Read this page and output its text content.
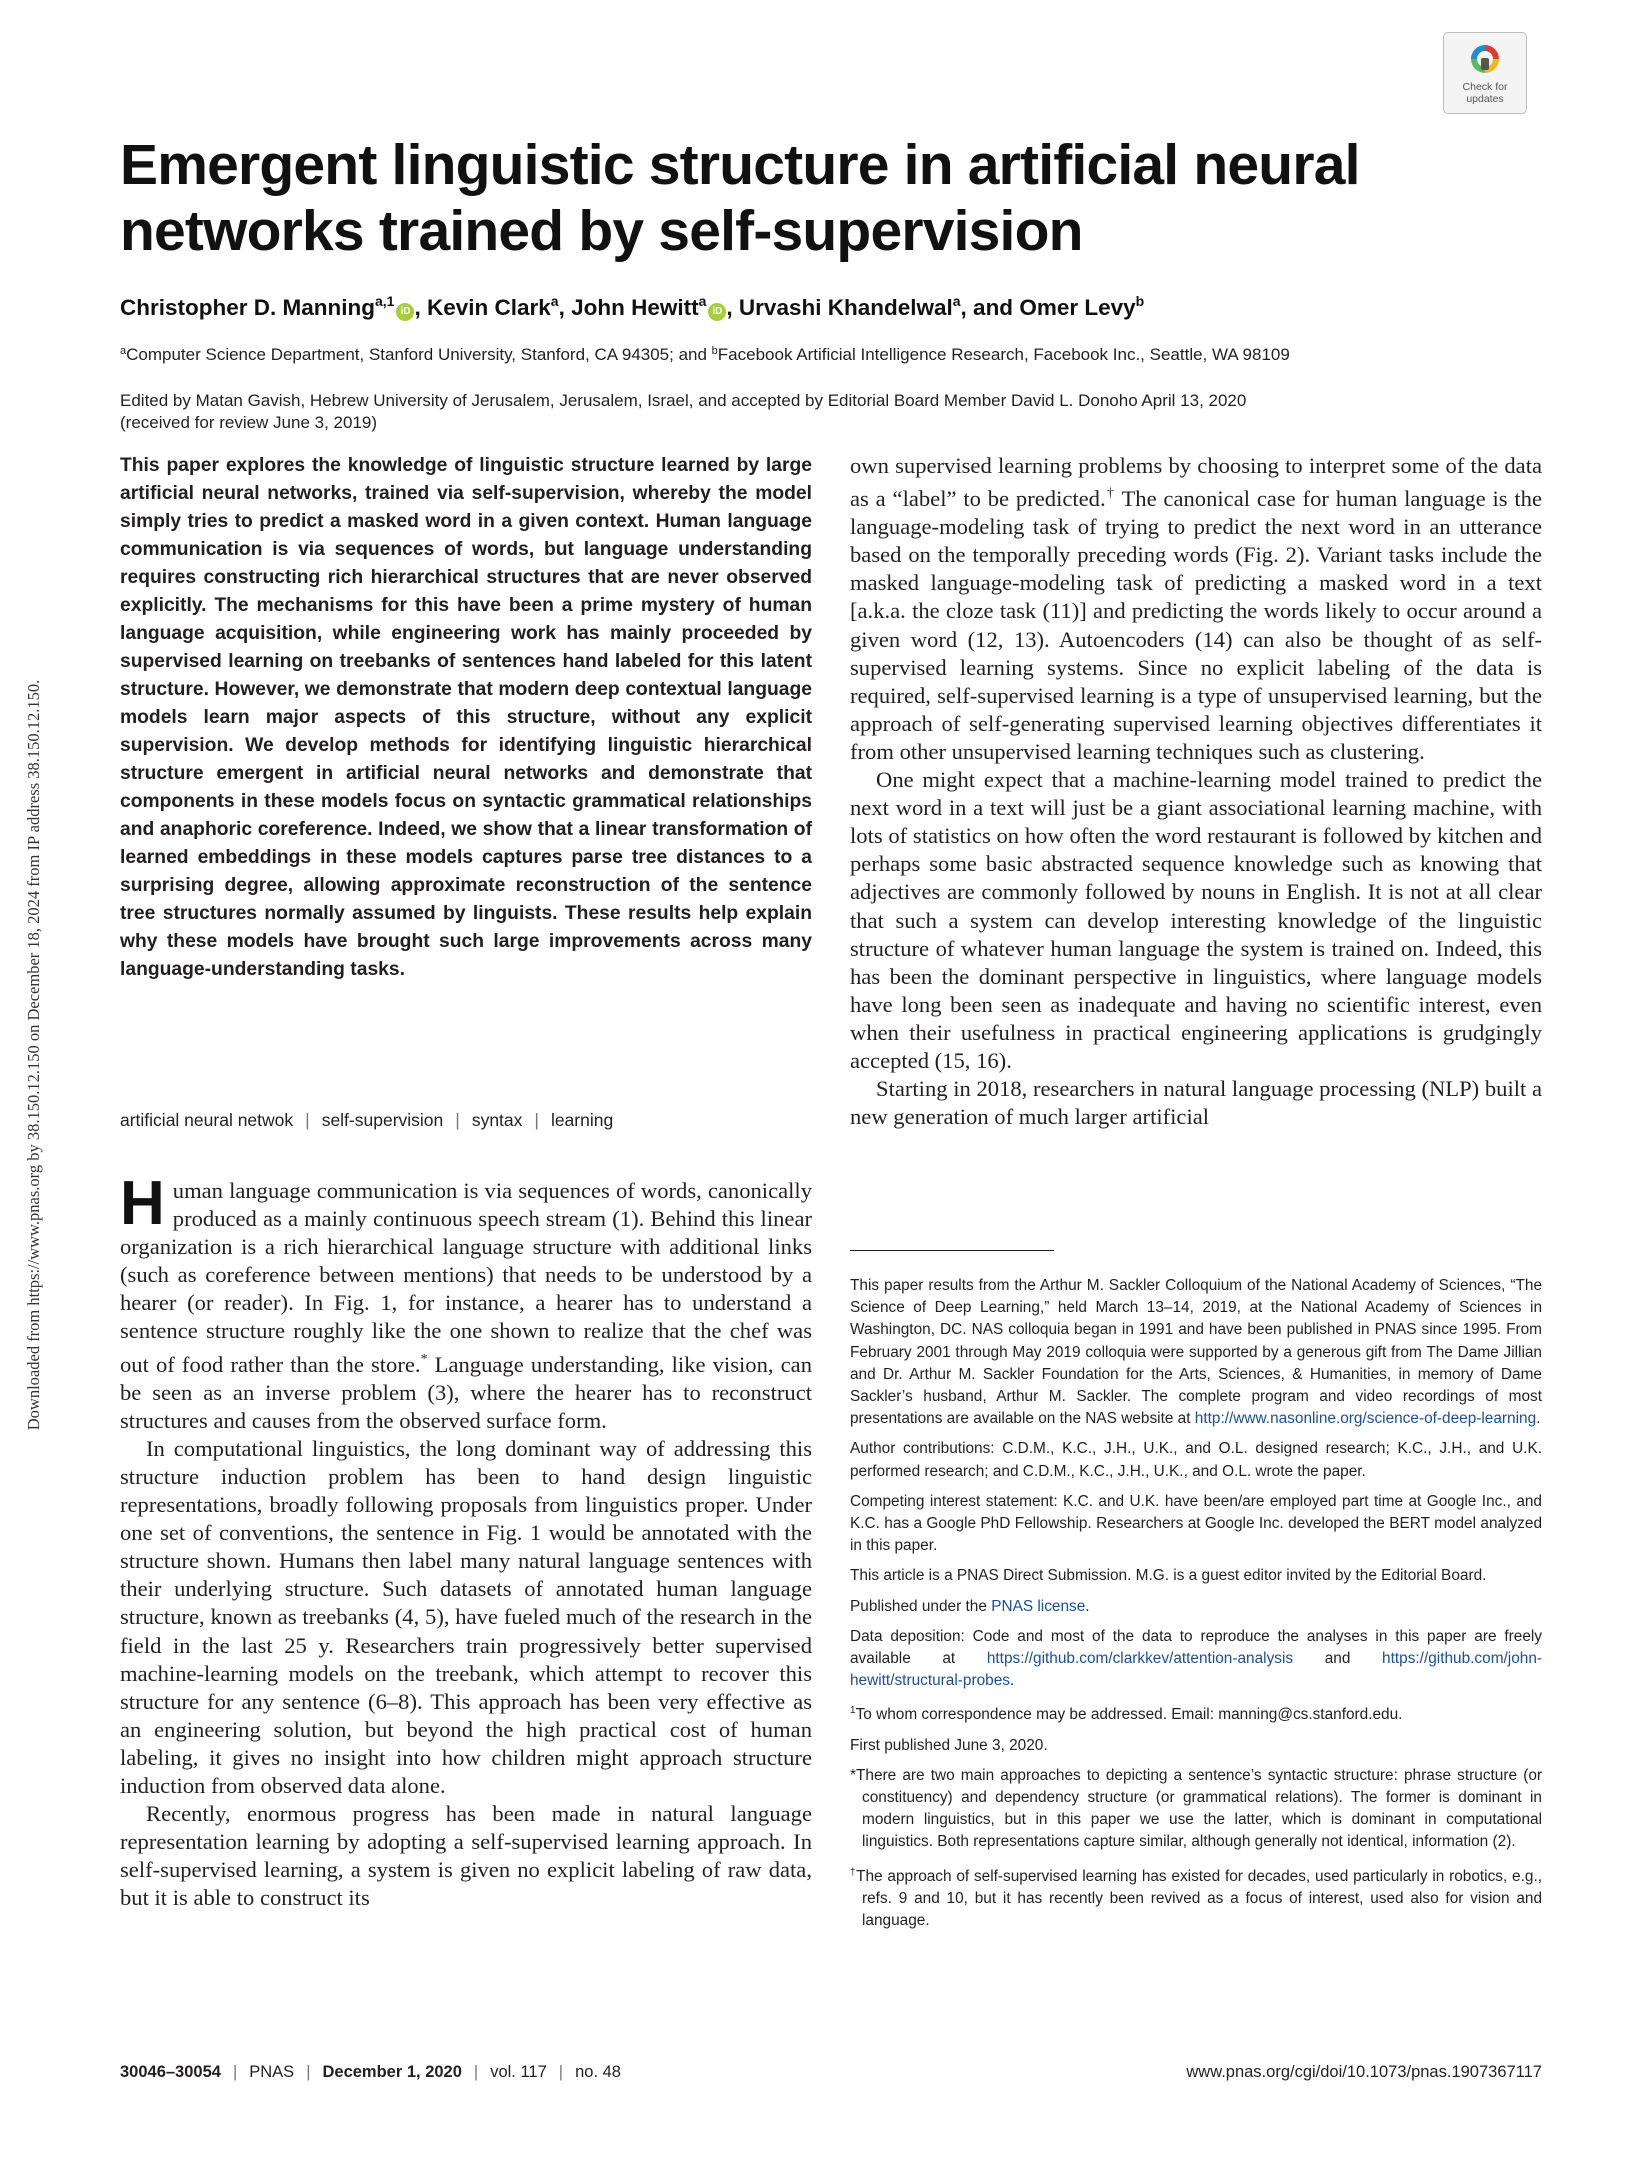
Downloaded from https://www.pnas.org by 38.150.12.150 on December 18, 2024 from IP address 38.150.12.150.
Check for
updates
Emergent linguistic structure in artificial neural networks trained by self-supervision
Christopher D. Manning$^{a,1}$iD , Kevin Clark$^a$, John Hewitt$^a$iD , Urvashi Khandelwal$^a$, and Omer Levy$^b$
$^a$Computer Science Department, Stanford University, Stanford, CA 94305; and $^b$Facebook Artificial Intelligence Research, Facebook Inc., Seattle, WA 98109
Edited by Matan Gavish, Hebrew University of Jerusalem, Jerusalem, Israel, and accepted by Editorial Board Member David L. Donoho April 13, 2020
(received for review June 3, 2019)
This paper explores the knowledge of linguistic structure learned by large artificial neural networks, trained via self-supervision, whereby the model simply tries to predict a masked word in a given context. Human language communication is via sequences of words, but language understanding requires constructing rich hierarchical structures that are never observed explicitly. The mechanisms for this have been a prime mystery of human language acquisition, while engineering work has mainly proceeded by supervised learning on treebanks of sentences hand labeled for this latent structure. However, we demonstrate that modern deep contextual language models learn major aspects of this structure, without any explicit supervision. We develop methods for identifying linguistic hierarchical structure emergent in artificial neural networks and demonstrate that components in these models focus on syntactic grammatical relationships and anaphoric coreference. Indeed, we show that a linear transformation of learned embeddings in these models captures parse tree distances to a surprising degree, allowing approximate reconstruction of the sentence tree structures normally assumed by linguists. These results help explain why these models have brought such large improvements across many language-understanding tasks.
artificial neural netwok | self-supervision | syntax | learning

Human language communication is via sequences of words, canonically produced as a mainly continuous speech stream (1). Behind this linear organization is a rich hierarchical language structure with additional links (such as coreference between mentions) that needs to be understood by a hearer (or reader). In Fig. 1, for instance, a hearer has to understand a sentence structure roughly like the one shown to realize that the chef was out of food rather than the store.* Language understanding, like vision, can be seen as an inverse problem (3), where the hearer has to reconstruct structures and causes from the observed surface form.

In computational linguistics, the long dominant way of addressing this structure induction problem has been to hand design linguistic representations, broadly following proposals from linguistics proper. Under one set of conventions, the sentence in Fig. 1 would be annotated with the structure shown. Humans then label many natural language sentences with their underlying structure. Such datasets of annotated human language structure, known as treebanks (4, 5), have fueled much of the research in the field in the last 25 y. Researchers train progressively better supervised machine-learning models on the treebank, which attempt to recover this structure for any sentence (6–8). This approach has been very effective as an engineering solution, but beyond the high practical cost of human labeling, it gives no insight into how children might approach structure induction from observed data alone.

Recently, enormous progress has been made in natural language representation learning by adopting a self-supervised learning approach. In self-supervised learning, a system is given no explicit labeling of raw data, but it is able to construct its

own supervised learning problems by choosing to interpret some of the data as a “label” to be predicted.† The canonical case for human language is the language-modeling task of trying to predict the next word in an utterance based on the temporally preceding words (Fig. 2). Variant tasks include the masked language-modeling task of predicting a masked word in a text [a.k.a. the cloze task (11)] and predicting the words likely to occur around a given word (12, 13). Autoencoders (14) can also be thought of as self-supervised learning systems. Since no explicit labeling of the data is required, self-supervised learning is a type of unsupervised learning, but the approach of self-generating supervised learning objectives differentiates it from other unsupervised learning techniques such as clustering.

One might expect that a machine-learning model trained to predict the next word in a text will just be a giant associational learning machine, with lots of statistics on how often the word restaurant is followed by kitchen and perhaps some basic abstracted sequence knowledge such as knowing that adjectives are commonly followed by nouns in English. It is not at all clear that such a system can develop interesting knowledge of the linguistic structure of whatever human language the system is trained on. Indeed, this has been the dominant perspective in linguistics, where language models have long been seen as inadequate and having no scientific interest, even when their usefulness in practical engineering applications is grudgingly accepted (15, 16).

Starting in 2018, researchers in natural language processing (NLP) built a new generation of much larger artificial

This paper results from the Arthur M. Sackler Colloquium of the National Academy of Sciences, “The Science of Deep Learning,” held March 13–14, 2019, at the National Academy of Sciences in Washington, DC. NAS colloquia began in 1991 and have been published in PNAS since 1995. From February 2001 through May 2019 colloquia were supported by a generous gift from The Dame Jillian and Dr. Arthur M. Sackler Foundation for the Arts, Sciences, & Humanities, in memory of Dame Sackler’s husband, Arthur M. Sackler. The complete program and video recordings of most presentations are available on the NAS website at http://www.nasonline.org/science-of-deep-learning.

Author contributions: C.D.M., K.C., J.H., U.K., and O.L. designed research; K.C., J.H., and U.K. performed research; and C.D.M., K.C., J.H., U.K., and O.L. wrote the paper.

Competing interest statement: K.C. and U.K. have been/are employed part time at Google Inc., and K.C. has a Google PhD Fellowship. Researchers at Google Inc. developed the BERT model analyzed in this paper.

This article is a PNAS Direct Submission. M.G. is a guest editor invited by the Editorial Board.

Published under the PNAS license.

Data deposition: Code and most of the data to reproduce the analyses in this paper are freely available at https://github.com/clarkkev/attention-analysis and https://github.com/john-hewitt/structural-probes.

$^1$To whom correspondence may be addressed. Email: manning@cs.stanford.edu.

First published June 3, 2020.

*There are two main approaches to depicting a sentence’s syntactic structure: phrase structure (or constituency) and dependency structure (or grammatical relations). The former is dominant in modern linguistics, but in this paper we use the latter, which is dominant in computational linguistics. Both representations capture similar, although generally not identical, information (2).

†The approach of self-supervised learning has existed for decades, used particularly in robotics, e.g., refs. 9 and 10, but it has recently been revived as a focus of interest, used also for vision and language.

30046–30054 | PNAS | December 1, 2020 | vol. 117 | no. 48	www.pnas.org/cgi/doi/10.1073/pnas.1907367117
